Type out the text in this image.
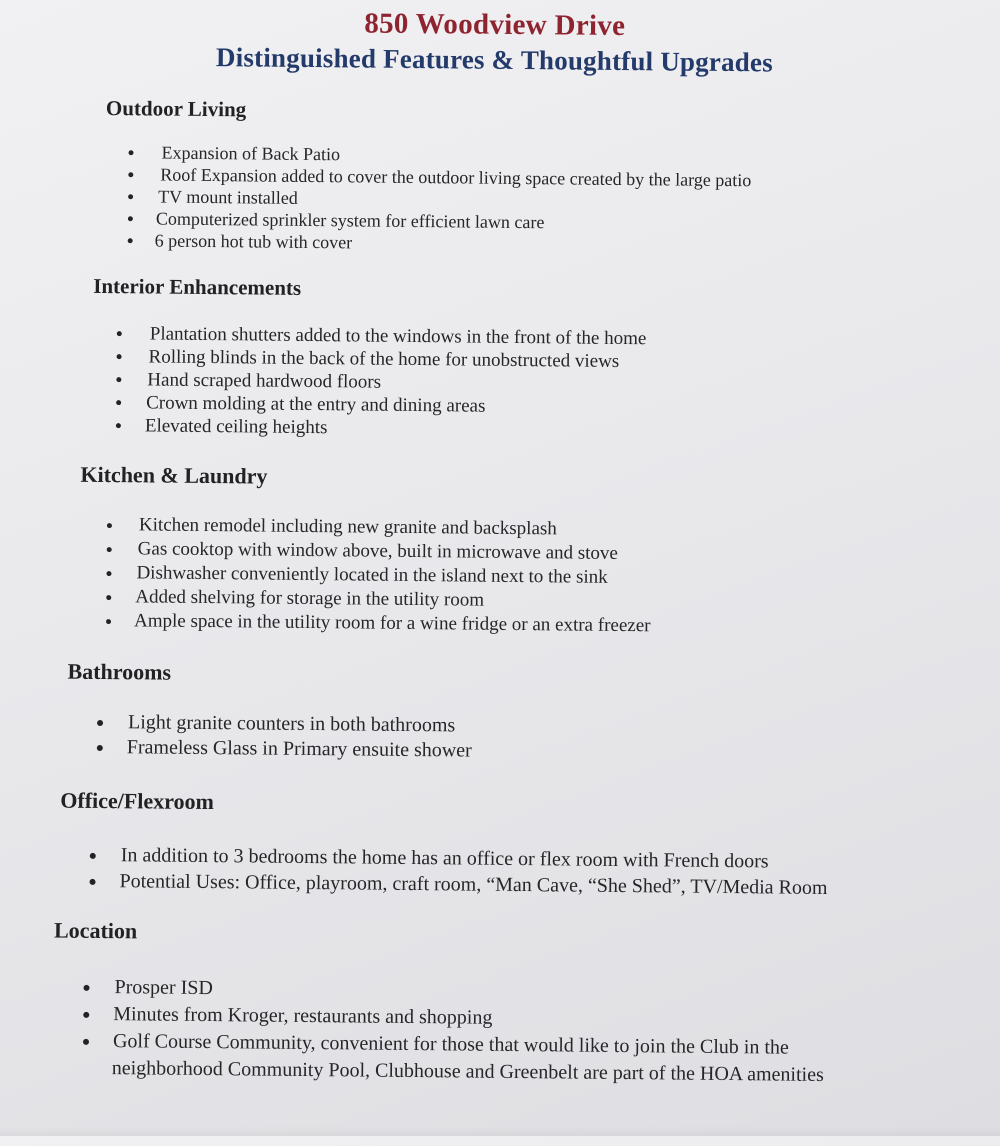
850 Woodview Drive
Distinguished Features & Thoughtful Upgrades
Outdoor Living
Expansion of Back Patio
Roof Expansion added to cover the outdoor living space created by the large patio
TV mount installed
Computerized sprinkler system for efficient lawn care
6 person hot tub with cover
Interior Enhancements
Plantation shutters added to the windows in the front of the home
Rolling blinds in the back of the home for unobstructed views
Hand scraped hardwood floors
Crown molding at the entry and dining areas
Elevated ceiling heights
Kitchen & Laundry
Kitchen remodel including new granite and backsplash
Gas cooktop with window above, built in microwave and stove
Dishwasher conveniently located in the island next to the sink
Added shelving for storage in the utility room
Ample space in the utility room for a wine fridge or an extra freezer
Bathrooms
Light granite counters in both bathrooms
Frameless Glass in Primary ensuite shower
Office/Flexroom
In addition to 3 bedrooms the home has an office or flex room with French doors
Potential Uses: Office, playroom, craft room, “Man Cave, “She Shed”, TV/Media Room
Location
Prosper ISD
Minutes from Kroger, restaurants and shopping
Golf Course Community, convenient for those that would like to join the Club in the
neighborhood Community Pool, Clubhouse and Greenbelt are part of the HOA amenities
